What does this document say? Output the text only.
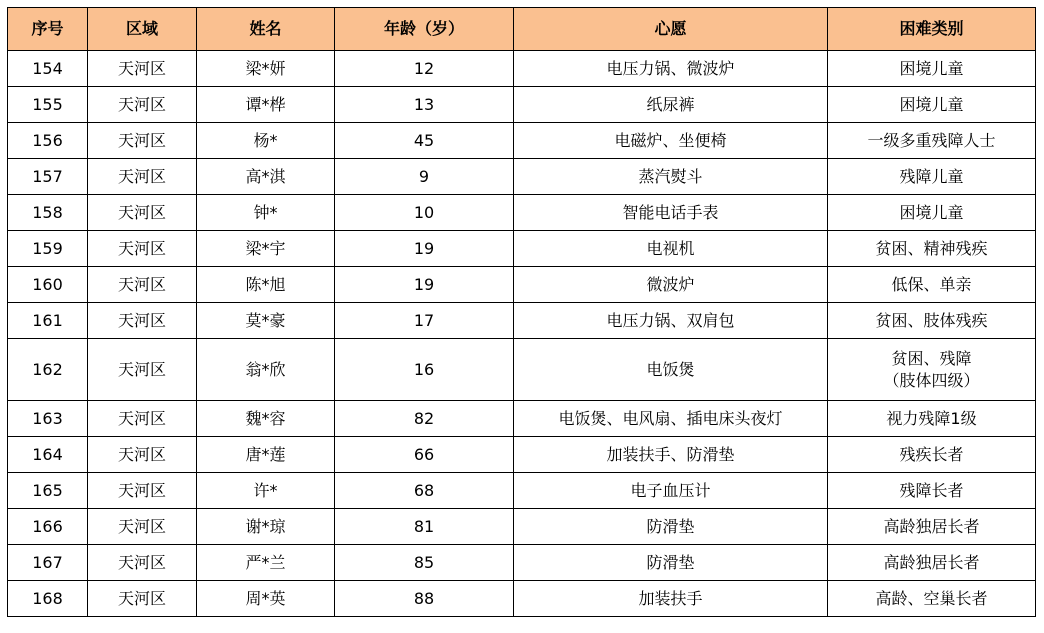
序号	区域	姓名	年龄（岁）	心愿	困难类别
154	天河区	梁*妍	12	电压力锅、微波炉	困境儿童
155	天河区	谭*桦	13	纸尿裤	困境儿童
156	天河区	杨*	45	电磁炉、坐便椅	一级多重残障人士
157	天河区	高*淇	9	蒸汽熨斗	残障儿童
158	天河区	钟*	10	智能电话手表	困境儿童
159	天河区	梁*宇	19	电视机	贫困、精神残疾
160	天河区	陈*旭	19	微波炉	低保、单亲
161	天河区	莫*豪	17	电压力锅、双肩包	贫困、肢体残疾
162	天河区	翁*欣	16	电饭煲	贫困、残障
（肢体四级）
163	天河区	魏*容	82	电饭煲、电风扇、插电床头夜灯	视力残障1级
164	天河区	唐*莲	66	加装扶手、防滑垫	残疾长者
165	天河区	许*	68	电子血压计	残障长者
166	天河区	谢*琼	81	防滑垫	高龄独居长者
167	天河区	严*兰	85	防滑垫	高龄独居长者
168	天河区	周*英	88	加装扶手	高龄、空巢长者
